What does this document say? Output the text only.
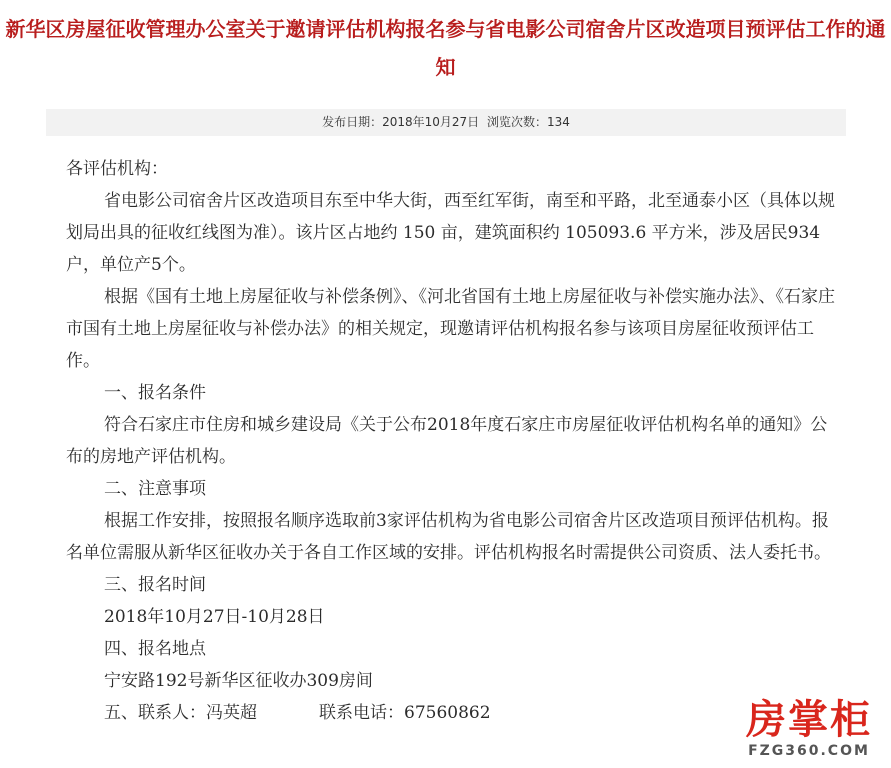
新华区房屋征收管理办公室关于邀请评估机构报名参与省电影公司宿舍片区改造项目预评估工作的通知
发布日期：2018年10月27日 浏览次数：134

各评估机构：

省电影公司宿舍片区改造项目东至中华大街，西至红军街，南至和平路，北至通泰小区（具体以规划局出具的征收红线图为准）。该片区占地约 150 亩，建筑面积约 105093.6 平方米，涉及居民934户，单位产5个。

根据《国有土地上房屋征收与补偿条例》、《河北省国有土地上房屋征收与补偿实施办法》、《石家庄市国有土地上房屋征收与补偿办法》的相关规定，现邀请评估机构报名参与该项目房屋征收预评估工作。

一、报名条件

符合石家庄市住房和城乡建设局《关于公布2018年度石家庄市房屋征收评估机构名单的通知》公布的房地产评估机构。

二、注意事项

根据工作安排，按照报名顺序选取前3家评估机构为省电影公司宿舍片区改造项目预评估机构。报名单位需服从新华区征收办关于各自工作区域的安排。评估机构报名时需提供公司资质、法人委托书。

三、报名时间

2018年10月27日-10月28日

四、报名地点

宁安路192号新华区征收办309房间

五、联系人：冯英超	联系电话：67560862	房掌柜
FZG360.COM
